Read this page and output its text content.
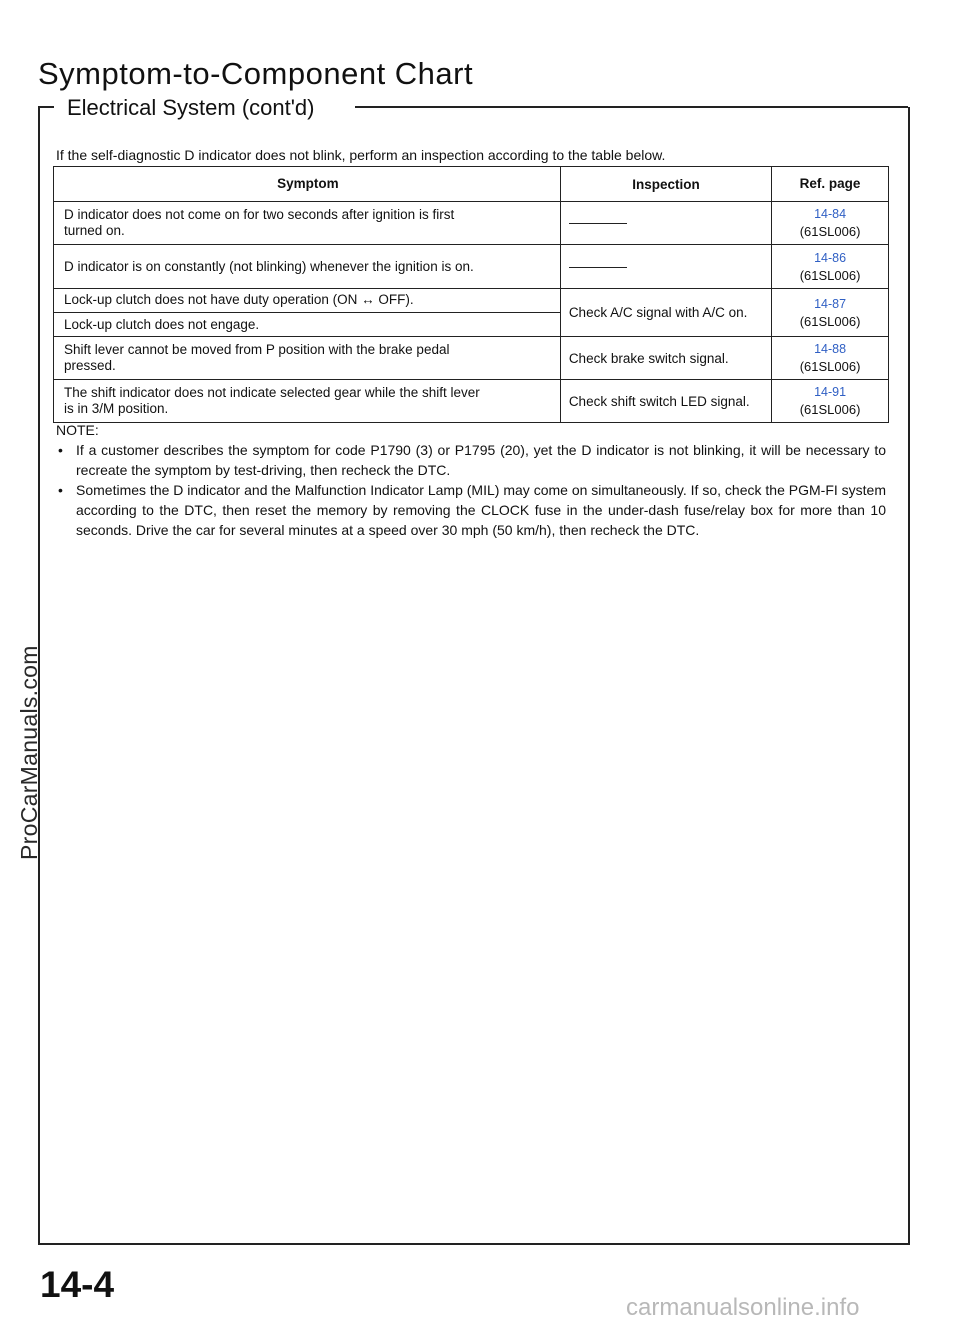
Symptom-to-Component Chart
Electrical System (cont'd)
If the self-diagnostic D indicator does not blink, perform an inspection according to the table below.
Symptom	Inspection	Ref. page

D indicator does not come on for two seconds after ignition is first
turned on.		14-84
(61SL006)

D indicator is on constantly (not blinking) whenever the ignition is on.		14-86
(61SL006)

Lock-up clutch does not have duty operation (ON ↔ OFF).
Lock-up clutch does not engage.	Check A/C signal with A/C on.	14-87
(61SL006)

Shift lever cannot be moved from P position with the brake pedal
pressed.	Check brake switch signal.	14-88
(61SL006)

The shift indicator does not indicate selected gear while the shift lever
is in 3/M position.	Check shift switch LED signal.	14-91
(61SL006)
NOTE:
• If a customer describes the symptom for code P1790 (3) or P1795 (20), yet the D indicator is not blinking, it will be necessary to recreate the symptom by test-driving, then recheck the DTC.
• Sometimes the D indicator and the Malfunction Indicator Lamp (MIL) may come on simultaneously. If so, check the PGM-FI system according to the DTC, then reset the memory by removing the CLOCK fuse in the under-dash fuse/relay box for more than 10 seconds. Drive the car for several minutes at a speed over 30 mph (50 km/h), then recheck the DTC.
ProCarManuals.com
14-4
carmanualsonline.info
